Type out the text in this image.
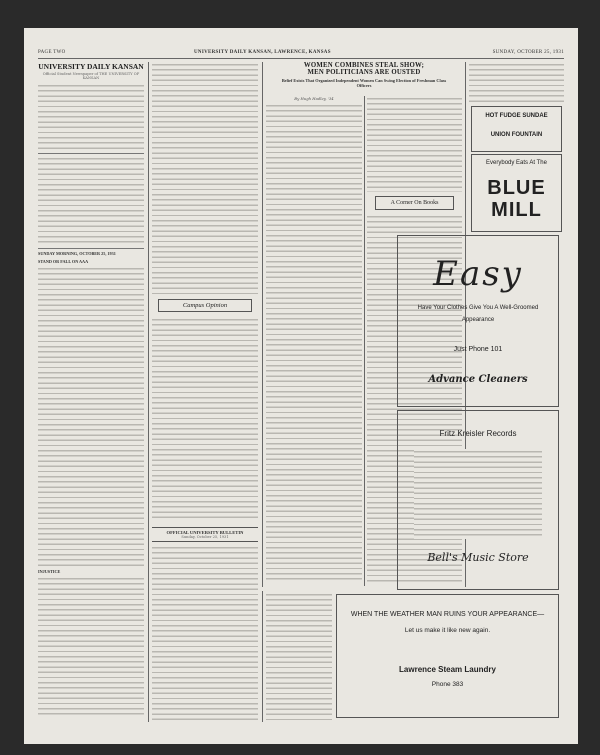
PAGE TWO	UNIVERSITY DAILY KANSAN, LAWRENCE, KANSAS	SUNDAY, OCTOBER 25, 1931
UNIVERSITY DAILY KANSAN
Official Student Newspaper of THE UNIVERSITY OF KANSAN
SUNDAY MORNING, OCTOBER 25, 1931
STAND OR FALL ON AAA
INJUSTICE
Campus Opinion
OFFICIAL UNIVERSITY BULLETIN
Sunday, October 25, 1931
WOMEN COMBINES STEAL SHOW;
MEN POLITICIANS ARE OUSTED
Belief Exists That Organized Independent Women Can Swing Election of Freshman Class Officers
By Hugh Hadley, '34
A Corner On Books
HOT FUDGE SUNDAE
UNION FOUNTAIN
Everybody Eats At The
BLUE
MILL
Easy
Have Your Clothes Give You A Well-Groomed Appearance
Just Phone 101
Advance Cleaners
Fritz Kreisler Records
Bell's Music Store
WHEN THE WEATHER MAN RUINS YOUR APPEARANCE—
Let us make it like new again.
Lawrence Steam Laundry
Phone 383
